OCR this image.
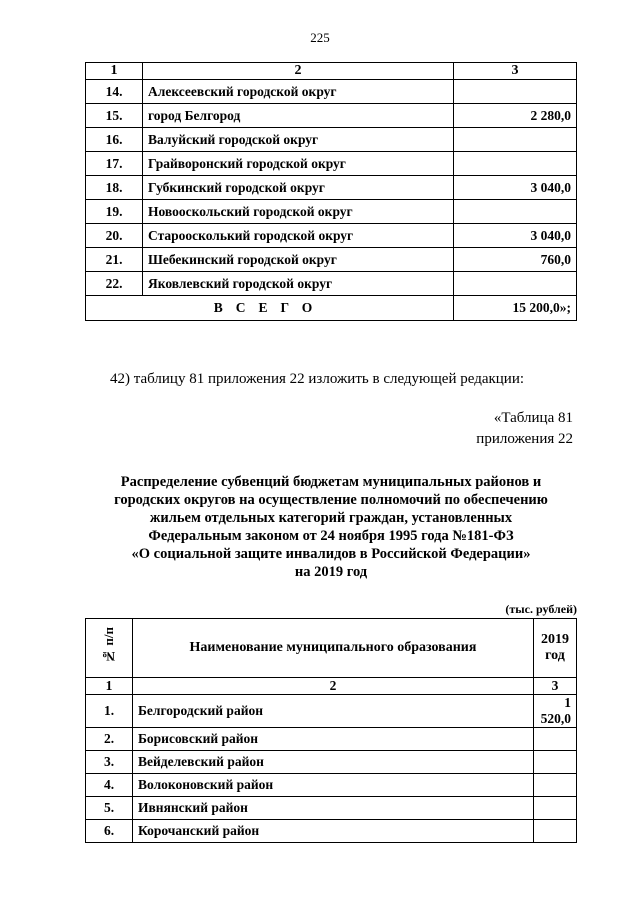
225
1	2	3
14.	Алексеевский городской округ	
15.	город Белгород	2 280,0
16.	Валуйский городской округ	
17.	Грайворонский городской округ	
18.	Губкинский городской округ	3 040,0
19.	Новооскольский городской округ	
20.	Староосколький городской округ	3 040,0
21.	Шебекинский городской округ	760,0
22.	Яковлевский городской округ	
ВСЕГО		15 200,0»;
42) таблицу 81 приложения 22 изложить в следующей редакции:
«Таблица 81
приложения 22
Распределение субвенций бюджетам муниципальных районов и
городских округов на осуществление полномочий по обеспечению
жильем отдельных категорий граждан, установленных
Федеральным законом от 24 ноября 1995 года №181-ФЗ
«О социальной защите инвалидов в Российской Федерации»
на 2019 год
(тыс. рублей)
№ п/п	Наименование муниципального образования	2019 год
1	2	3
1.	Белгородский район	1 520,0
2.	Борисовский район	
3.	Вейделевский район	
4.	Волоконовский район	
5.	Ивнянский район	
6.	Корочанский район	
